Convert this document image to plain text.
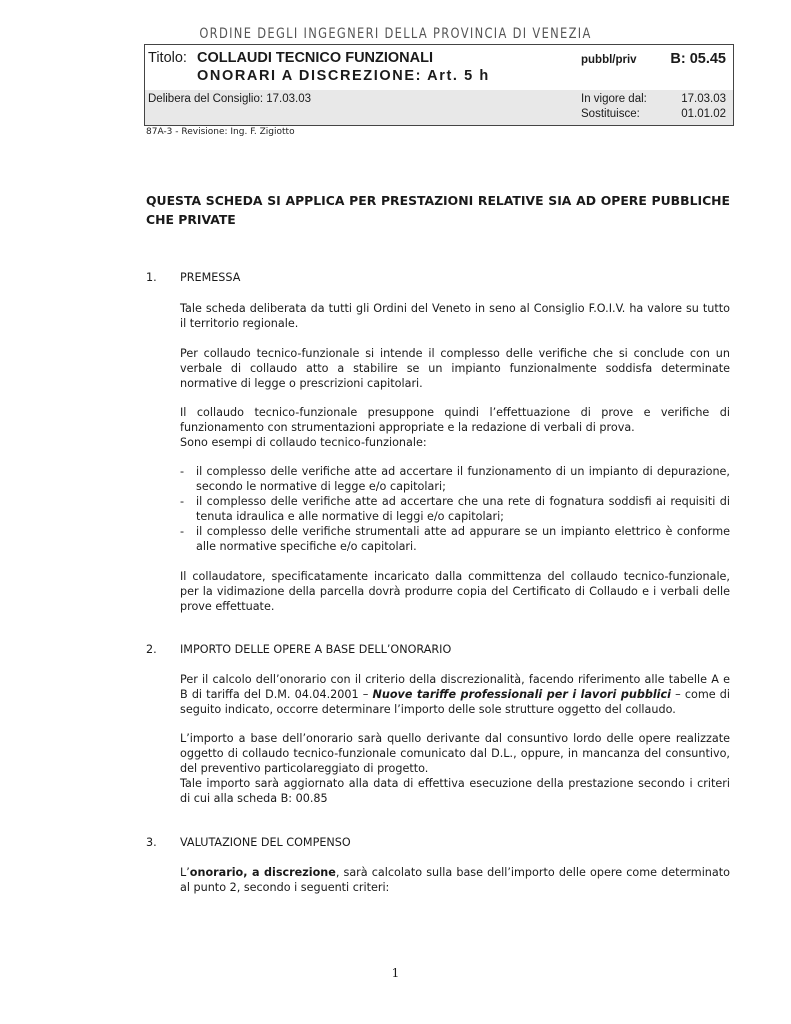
ORDINE DEGLI INGEGNERI DELLA PROVINCIA DI VENEZIA
Titolo: COLLAUDI TECNICO FUNZIONALI
ONORARI A DISCREZIONE: Art. 5 h
pubbl/priv B: 05.45
Delibera del Consiglio: 17.03.03	In vigore dal:	17.03.03
Sostituisce:	01.01.02
87A-3 - Revisione: Ing. F. Zigiotto
QUESTA SCHEDA SI APPLICA PER PRESTAZIONI RELATIVE SIA AD OPERE PUBBLICHE CHE PRIVATE
1. PREMESSA
Tale scheda deliberata da tutti gli Ordini del Veneto in seno al Consiglio F.O.I.V. ha valore su tutto il territorio regionale.
Per collaudo tecnico-funzionale si intende il complesso delle verifiche che si conclude con un verbale di collaudo atto a stabilire se un impianto funzionalmente soddisfa determinate normative di legge o prescrizioni capitolari.

Il collaudo tecnico-funzionale presuppone quindi l’effettuazione di prove e verifiche di funzionamento con strumentazioni appropriate e la redazione di verbali di prova.

Sono esempi di collaudo tecnico-funzionale:

- il complesso delle verifiche atte ad accertare il funzionamento di un impianto di depurazione, secondo le normative di legge e/o capitolari;
- il complesso delle verifiche atte ad accertare che una rete di fognatura soddisfi ai requisiti di tenuta idraulica e alle normative di leggi e/o capitolari;
- il complesso delle verifiche strumentali atte ad appurare se un impianto elettrico è conforme alle normative specifiche e/o capitolari.
Il collaudatore, specificatamente incaricato dalla committenza del collaudo tecnico-funzionale, per la vidimazione della parcella dovrà produrre copia del Certificato di Collaudo e i verbali delle prove effettuate.
2. IMPORTO DELLE OPERE A BASE DELL’ONORARIO
Per il calcolo dell’onorario con il criterio della discrezionalità, facendo riferimento alle tabelle A e B di tariffa del D.M. 04.04.2001 – Nuove tariffe professionali per i lavori pubblici – come di seguito indicato, occorre determinare l’importo delle sole strutture oggetto del collaudo.

L’importo a base dell’onorario sarà quello derivante dal consuntivo lordo delle opere realizzate oggetto di collaudo tecnico-funzionale comunicato dal D.L., oppure, in mancanza del consuntivo, del preventivo particolareggiato di progetto.

Tale importo sarà aggiornato alla data di effettiva esecuzione della prestazione secondo i criteri di cui alla scheda B: 00.85

3. VALUTAZIONE DEL COMPENSO
L’onorario, a discrezione, sarà calcolato sulla base dell’importo delle opere come determinato al punto 2, secondo i seguenti criteri:
1
